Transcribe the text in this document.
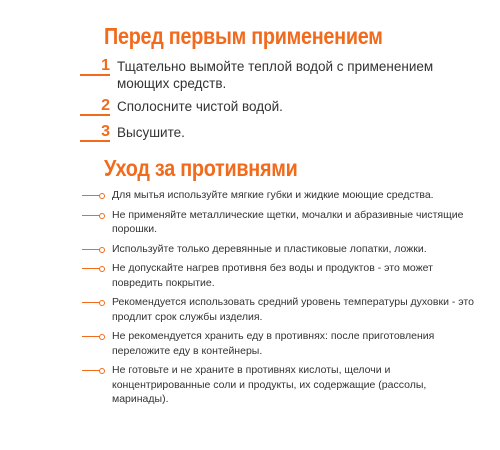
Перед первым применением
1 Тщательно вымойте теплой водой с применением моющих средств.
2 Сполосните чистой водой.
3 Высушите.
Уход за противнями
Для мытья используйте мягкие губки и жидкие моющие средства.
Не применяйте металлические щетки, мочалки и абразивные чистящие порошки.
Используйте только деревянные и пластиковые лопатки, ложки.
Не допускайте нагрев противня без воды и продуктов - это может повредить покрытие.
Рекомендуется использовать средний уровень температуры духовки - это продлит срок службы изделия.
Не рекомендуется хранить еду в противнях: после приготовления переложите еду в контейнеры.
Не готовьте и не храните в противнях кислоты, щелочи и концентрированные соли и продукты, их содержащие (рассолы, маринады).
